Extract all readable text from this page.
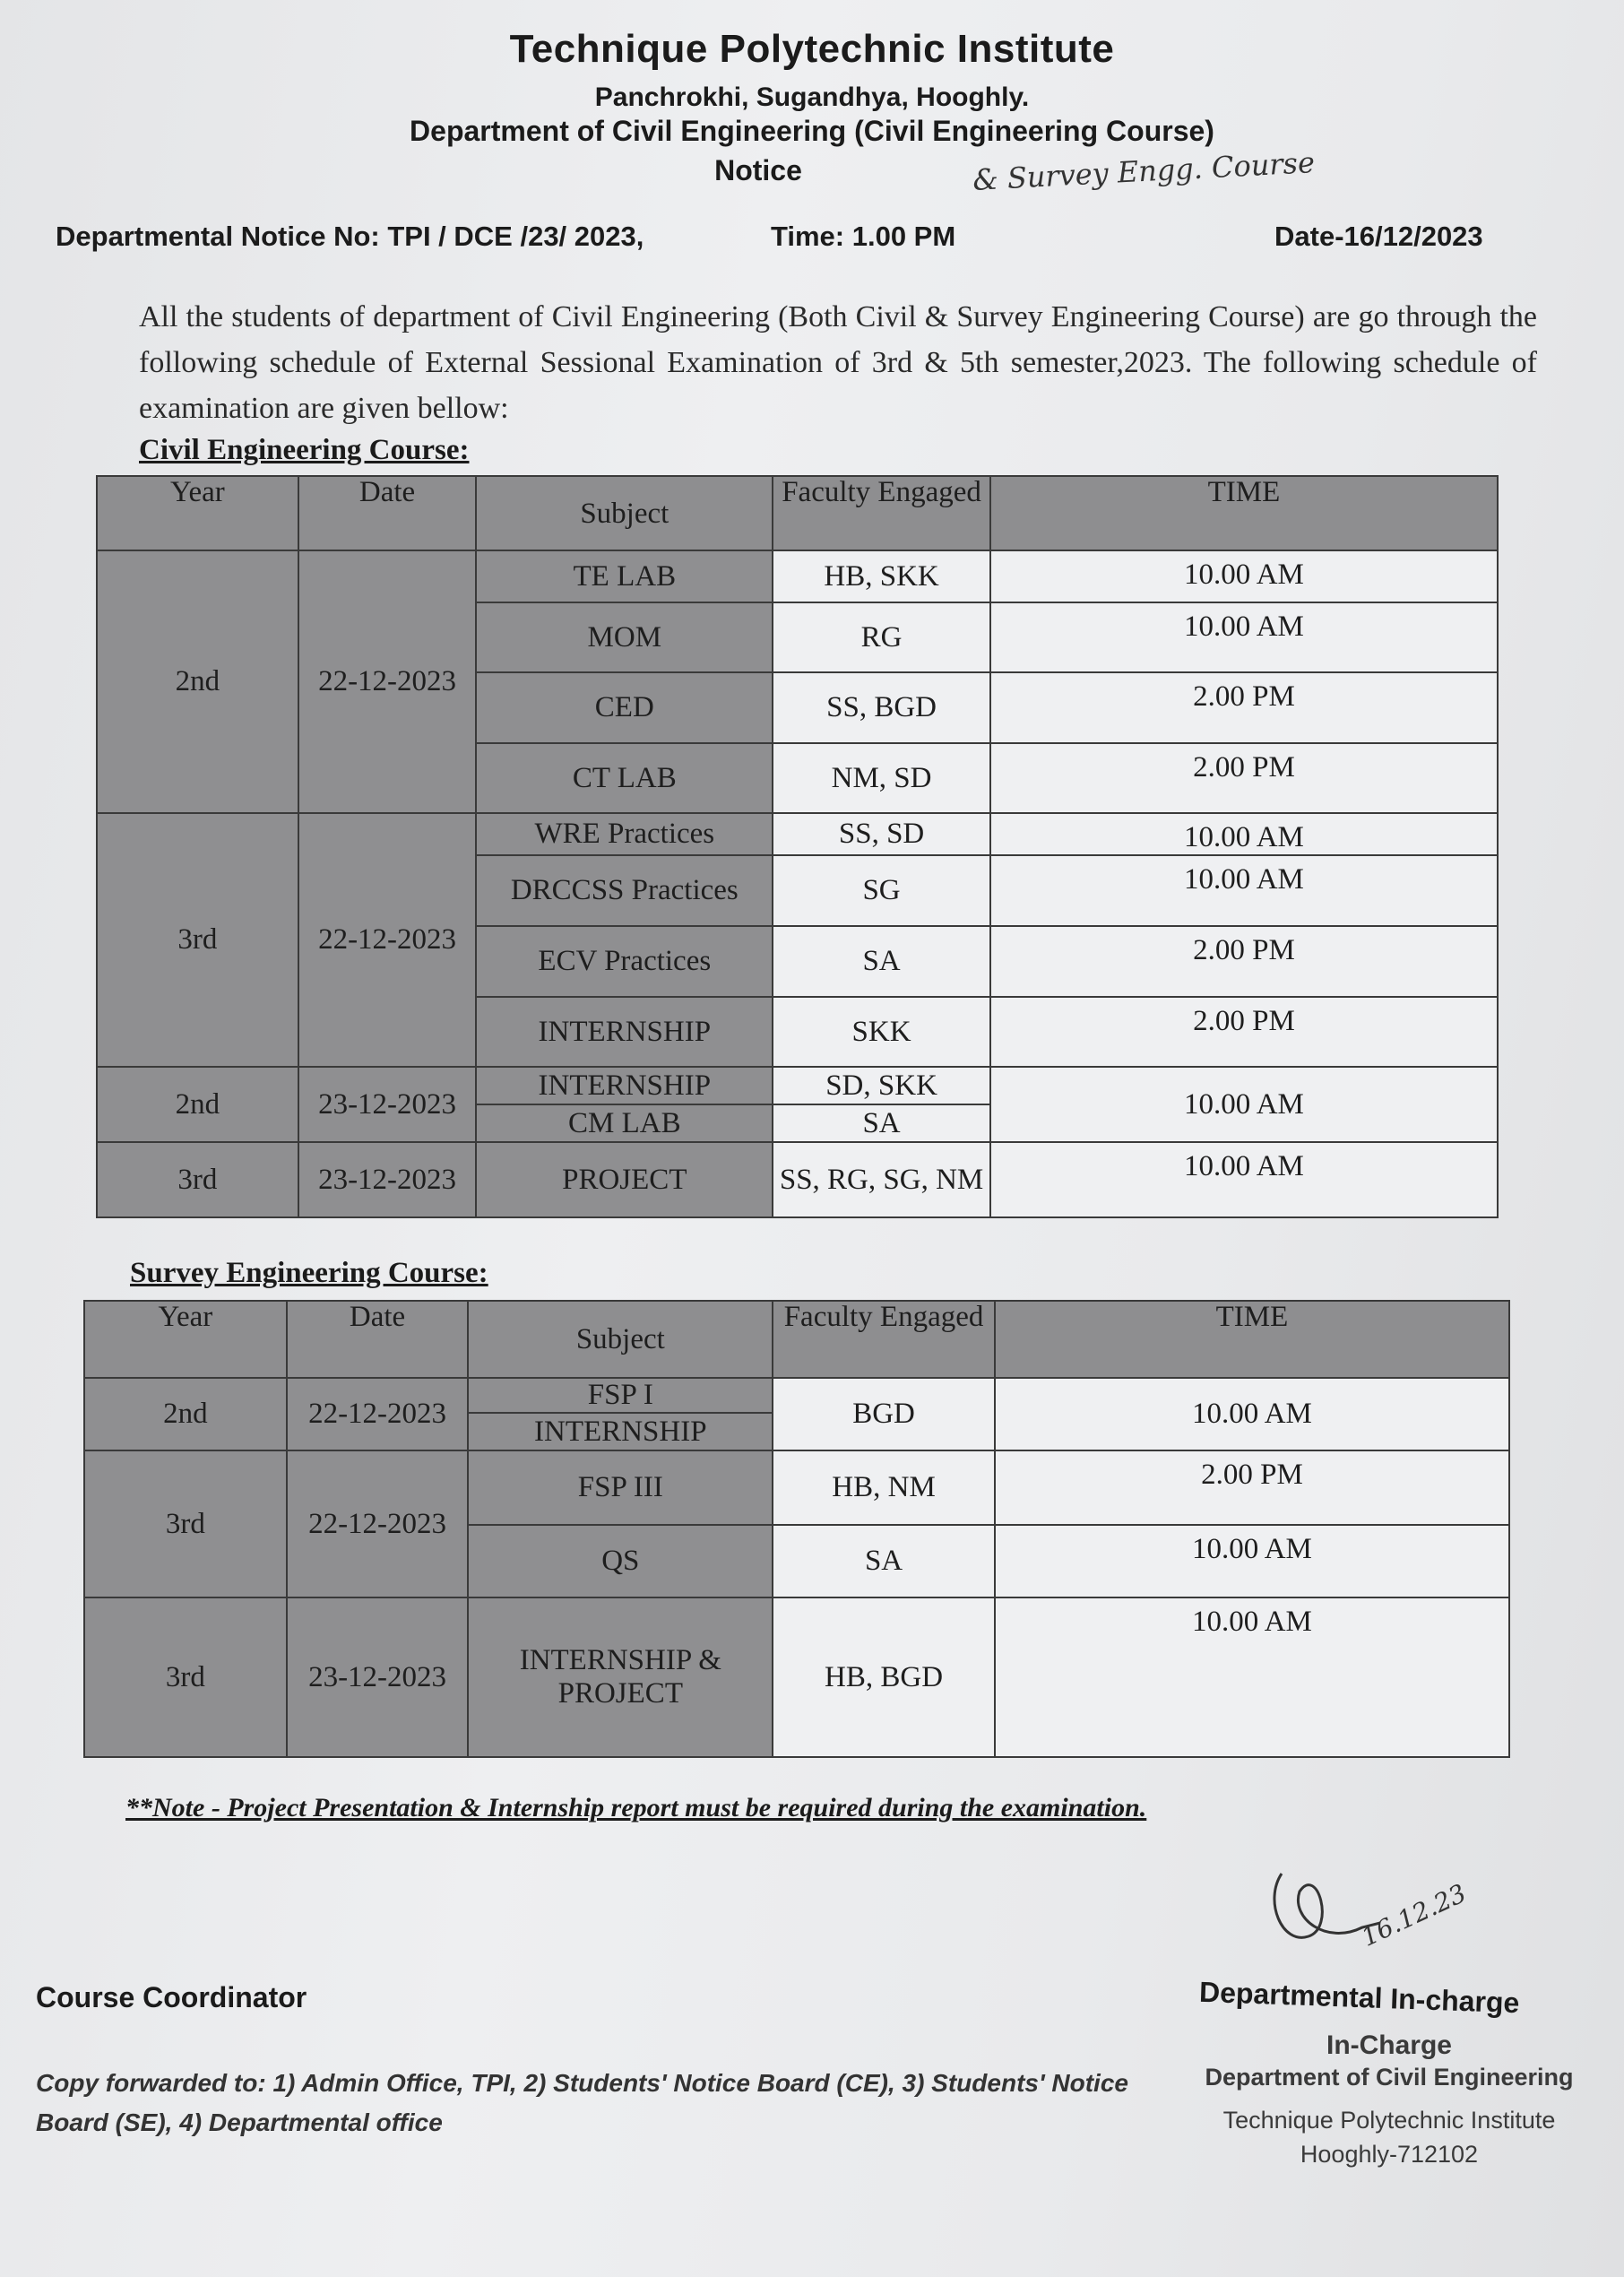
Technique Polytechnic Institute
Panchrokhi, Sugandhya, Hooghly.
Department of Civil Engineering (Civil Engineering Course)
Notice	& Survey Engg. Course
Departmental Notice No: TPI / DCE /23/ 2023,	Time: 1.00 PM	Date-16/12/2023
All the students of department of Civil Engineering (Both Civil & Survey Engineering Course) are go through the following schedule of External Sessional Examination of 3rd & 5th semester,2023. The following schedule of examination are given bellow:
Civil Engineering Course:
Year	Date	Subject	Faculty Engaged	TIME
2nd	22-12-2023	TE LAB	HB, SKK	10.00 AM
		MOM	RG	10.00 AM
		CED	SS, BGD	2.00 PM
		CT LAB	NM, SD	2.00 PM
3rd	22-12-2023	WRE Practices	SS, SD	10.00 AM
		DRCCSS Practices	SG	10.00 AM
		ECV Practices	SA	2.00 PM
		INTERNSHIP	SKK	2.00 PM
2nd	23-12-2023	INTERNSHIP	SD, SKK	10.00 AM
		CM LAB	SA	
3rd	23-12-2023	PROJECT	SS, RG, SG, NM	10.00 AM
Survey Engineering Course:
Year	Date	Subject	Faculty Engaged	TIME
2nd	22-12-2023	FSP I	BGD	10.00 AM
		INTERNSHIP		
3rd	22-12-2023	FSP III	HB, NM	2.00 PM
		QS	SA	10.00 AM
3rd	23-12-2023	INTERNSHIP & PROJECT	HB, BGD	10.00 AM
**Note - Project Presentation & Internship report must be required during the examination.
16.12.23
Course Coordinator	Departmental In-charge
In-Charge
Department of Civil Engineering
Copy forwarded to: 1) Admin Office, TPI, 2) Students' Notice Board (CE), 3) Students' Notice Board (SE), 4) Departmental office	Technique Polytechnic Institute
Hooghly-712102
